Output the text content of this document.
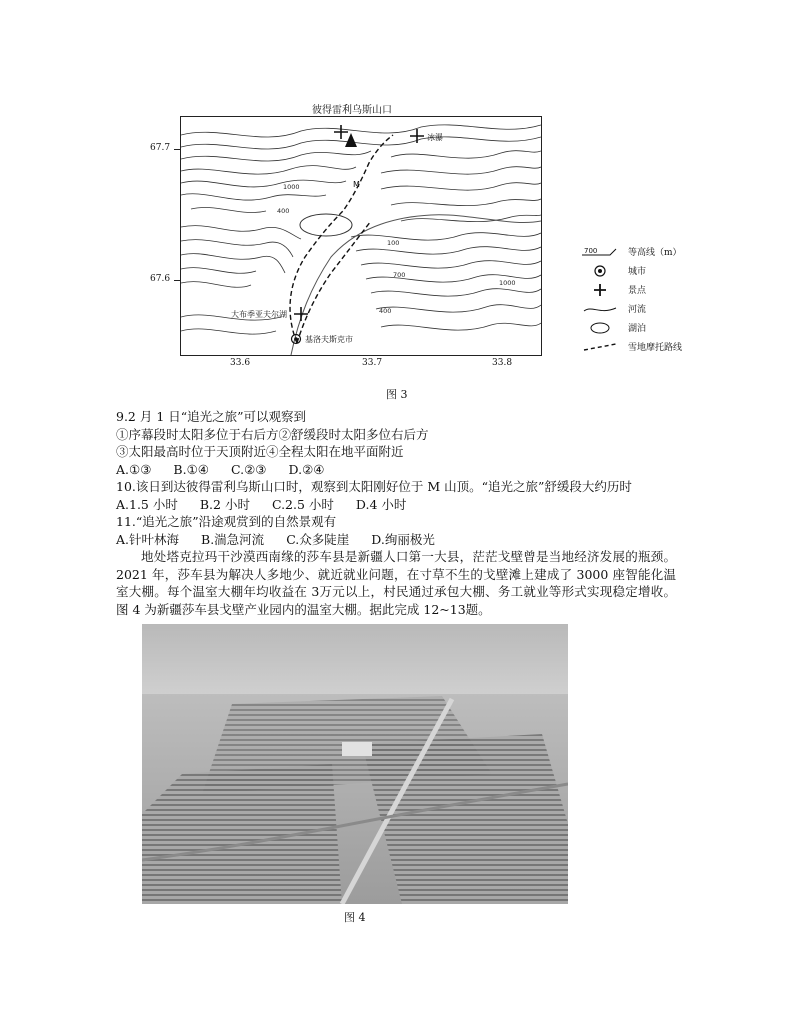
彼得雷利乌斯山口
67.7
67.6
1000
400
100
700
1000
400
冰瀑
M
大布季亚夫尔湖
基洛夫斯克市
33.6	33.7	33.8
700	等高线（m）
城市
景点
河流
湖泊
雪地摩托路线
图 3
9.2 月 1 日“追光之旅”可以观察到
①序幕段时太阳多位于右后方②舒缓段时太阳多位右后方
③太阳最高时位于天顶附近④全程太阳在地平面附近
A.①③ B.①④ C.②③ D.②④
10.该日到达彼得雷利乌斯山口时，观察到太阳刚好位于 M 山顶。“追光之旅”舒缓段大约历时
A.1.5 小时 B.2 小时 C.2.5 小时 D.4 小时
11.“追光之旅”沿途观赏到的自然景观有
A.针叶林海 B.湍急河流 C.众多陡崖 D.绚丽极光
地处塔克拉玛干沙漠西南缘的莎车县是新疆人口第一大县，茫茫戈壁曾是当地经济发展的瓶颈。2021 年，莎车县为解决人多地少、就近就业问题，在寸草不生的戈壁滩上建成了 3000 座智能化温室大棚。每个温室大棚年均收益在 3万元以上，村民通过承包大棚、务工就业等形式实现稳定增收。图 4 为新疆莎车县戈壁产业园内的温室大棚。据此完成 12~13题。
图 4
